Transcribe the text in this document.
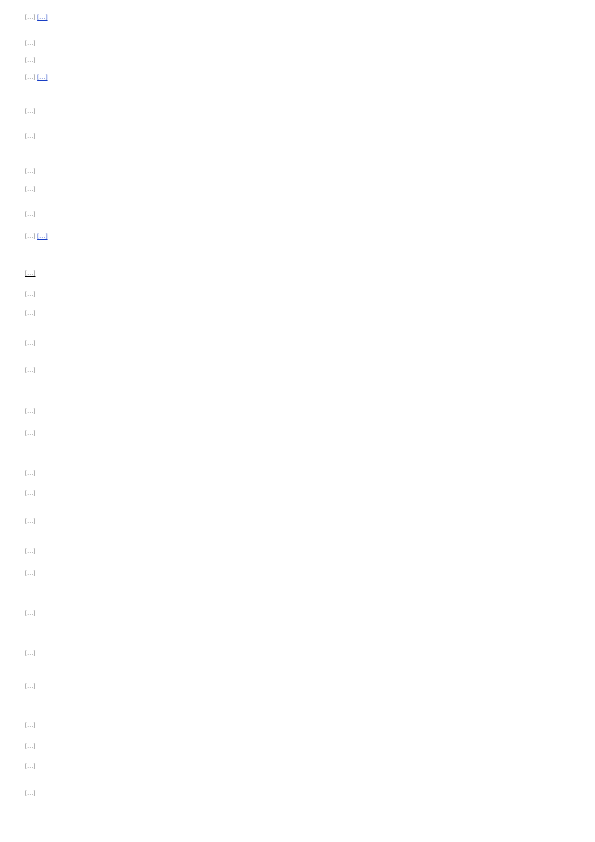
[…] […]

[…]

[…]

[…] […]

[…]

[…]

[…]

[…]

[…]

[…] […]

[…]

[…]

[…]

[…]

[…]

[…]

[…]

[…]

[…]

[…]

[…]

[…]

[…]

[…]

[…]

[…]

[…]

[…]

[…]
